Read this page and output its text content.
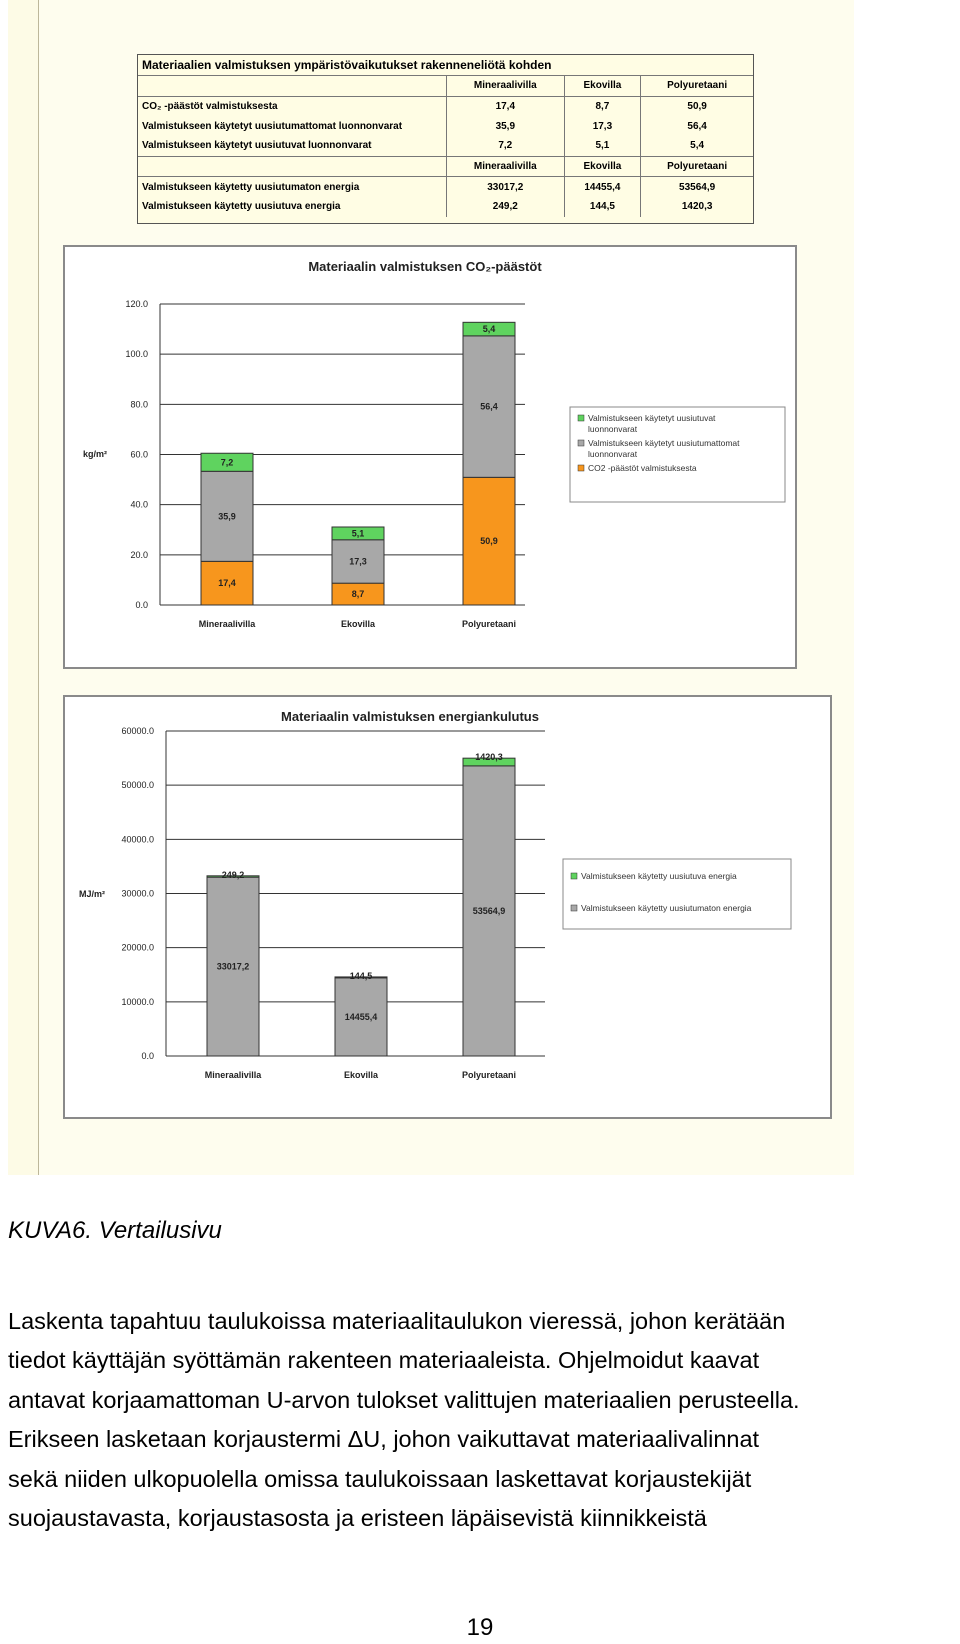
Materiaalien valmistuksen ympäristövaikutukset rakenneneliötä kohden			
	Mineraalivilla	Ekovilla	Polyuretaani
CO₂ -päästöt valmistuksesta	17,4	8,7	50,9
Valmistukseen käytetyt uusiutumattomat luonnonvarat	35,9	17,3	56,4
Valmistukseen käytetyt uusiutuvat luonnonvarat	7,2	5,1	5,4
	Mineraalivilla	Ekovilla	Polyuretaani
Valmistukseen käytetty uusiutumaton energia	33017,2	14455,4	53564,9
Valmistukseen käytetty uusiutuva energia	249,2	144,5	1420,3
Materiaalin valmistuksen CO₂-päästöt
0.0
20.0
40.0
60.0
80.0
100.0
120.0
kg/m²
17,4
35,9
7,2
Mineraalivilla
8,7
17,3
5,1
Ekovilla
50,9
56,4
5,4
Polyuretaani
Valmistukseen käytetyt uusiutuvat luonnonvarat
Valmistukseen käytetyt uusiutumattomat luonnonvarat
CO2 -päästöt valmistuksesta
Materiaalin valmistuksen energiankulutus
0.0
10000.0
20000.0
30000.0
40000.0
50000.0
60000.0
MJ/m²
33017,2
249,2
Mineraalivilla
14455,4
144,5
Ekovilla
53564,9
1420,3
Polyuretaani
Valmistukseen käytetty uusiutuva energia
Valmistukseen käytetty uusiutumaton energia
KUVA6. Vertailusivu
Laskenta tapahtuu taulukoissa materiaalitaulukon vieressä, johon kerätään
tiedot käyttäjän syöttämän rakenteen materiaaleista. Ohjelmoidut kaavat
antavat korjaamattoman U-arvon tulokset valittujen materiaalien perusteella.
Erikseen lasketaan korjaustermi ΔU, johon vaikuttavat materiaalivalinnat
sekä niiden ulkopuolella omissa taulukoissaan laskettavat korjaustekijät
suojaustavasta, korjaustasosta ja eristeen läpäisevistä kiinnikkeistä
19
